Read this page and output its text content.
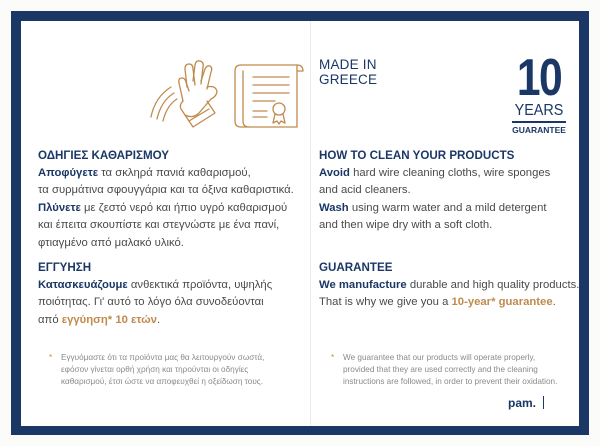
MADE IN
GREECE	10
YEARS
GUARANTEE

ΟΔΗΓΙΕΣ ΚΑΘΑΡΙΣΜΟΥ

Αποφύγετε τα σκληρά πανιά καθαρισμού,

τα συρμάτινα σφουγγάρια και τα όξινα καθαριστικά.

Πλύνετε με ζεστό νερό και ήπιο υγρό καθαρισμού

και έπειτα σκουπίστε και στεγνώστε με ένα πανί,

φτιαγμένο από μαλακό υλικό.

ΕΓΓΥΗΣΗ

Κατασκευάζουμε ανθεκτικά προϊόντα, υψηλής

ποιότητας. Γι' αυτό το λόγο όλα συνοδεύονται

από εγγύηση* 10 ετών.

* Εγγυόμαστε ότι τα προϊόντα μας θα λειτουργούν σωστά,
εφόσον γίνεται ορθή χρήση και τηρούνται οι οδηγίες
καθαρισμού, έτσι ώστε να αποφευχθεί η οξείδωση τους.

HOW TO CLEAN YOUR PRODUCTS

Avoid hard wire cleaning cloths, wire sponges

and acid cleaners.

Wash using warm water and a mild detergent

and then wipe dry with a soft cloth.

GUARANTEE

We manufacture durable and high quality products.

That is why we give you a 10-year* guarantee.

* We guarantee that our products will operate properly,
provided that they are used correctly and the cleaning
instructions are followed, in order to prevent their oxidation.
pam.
